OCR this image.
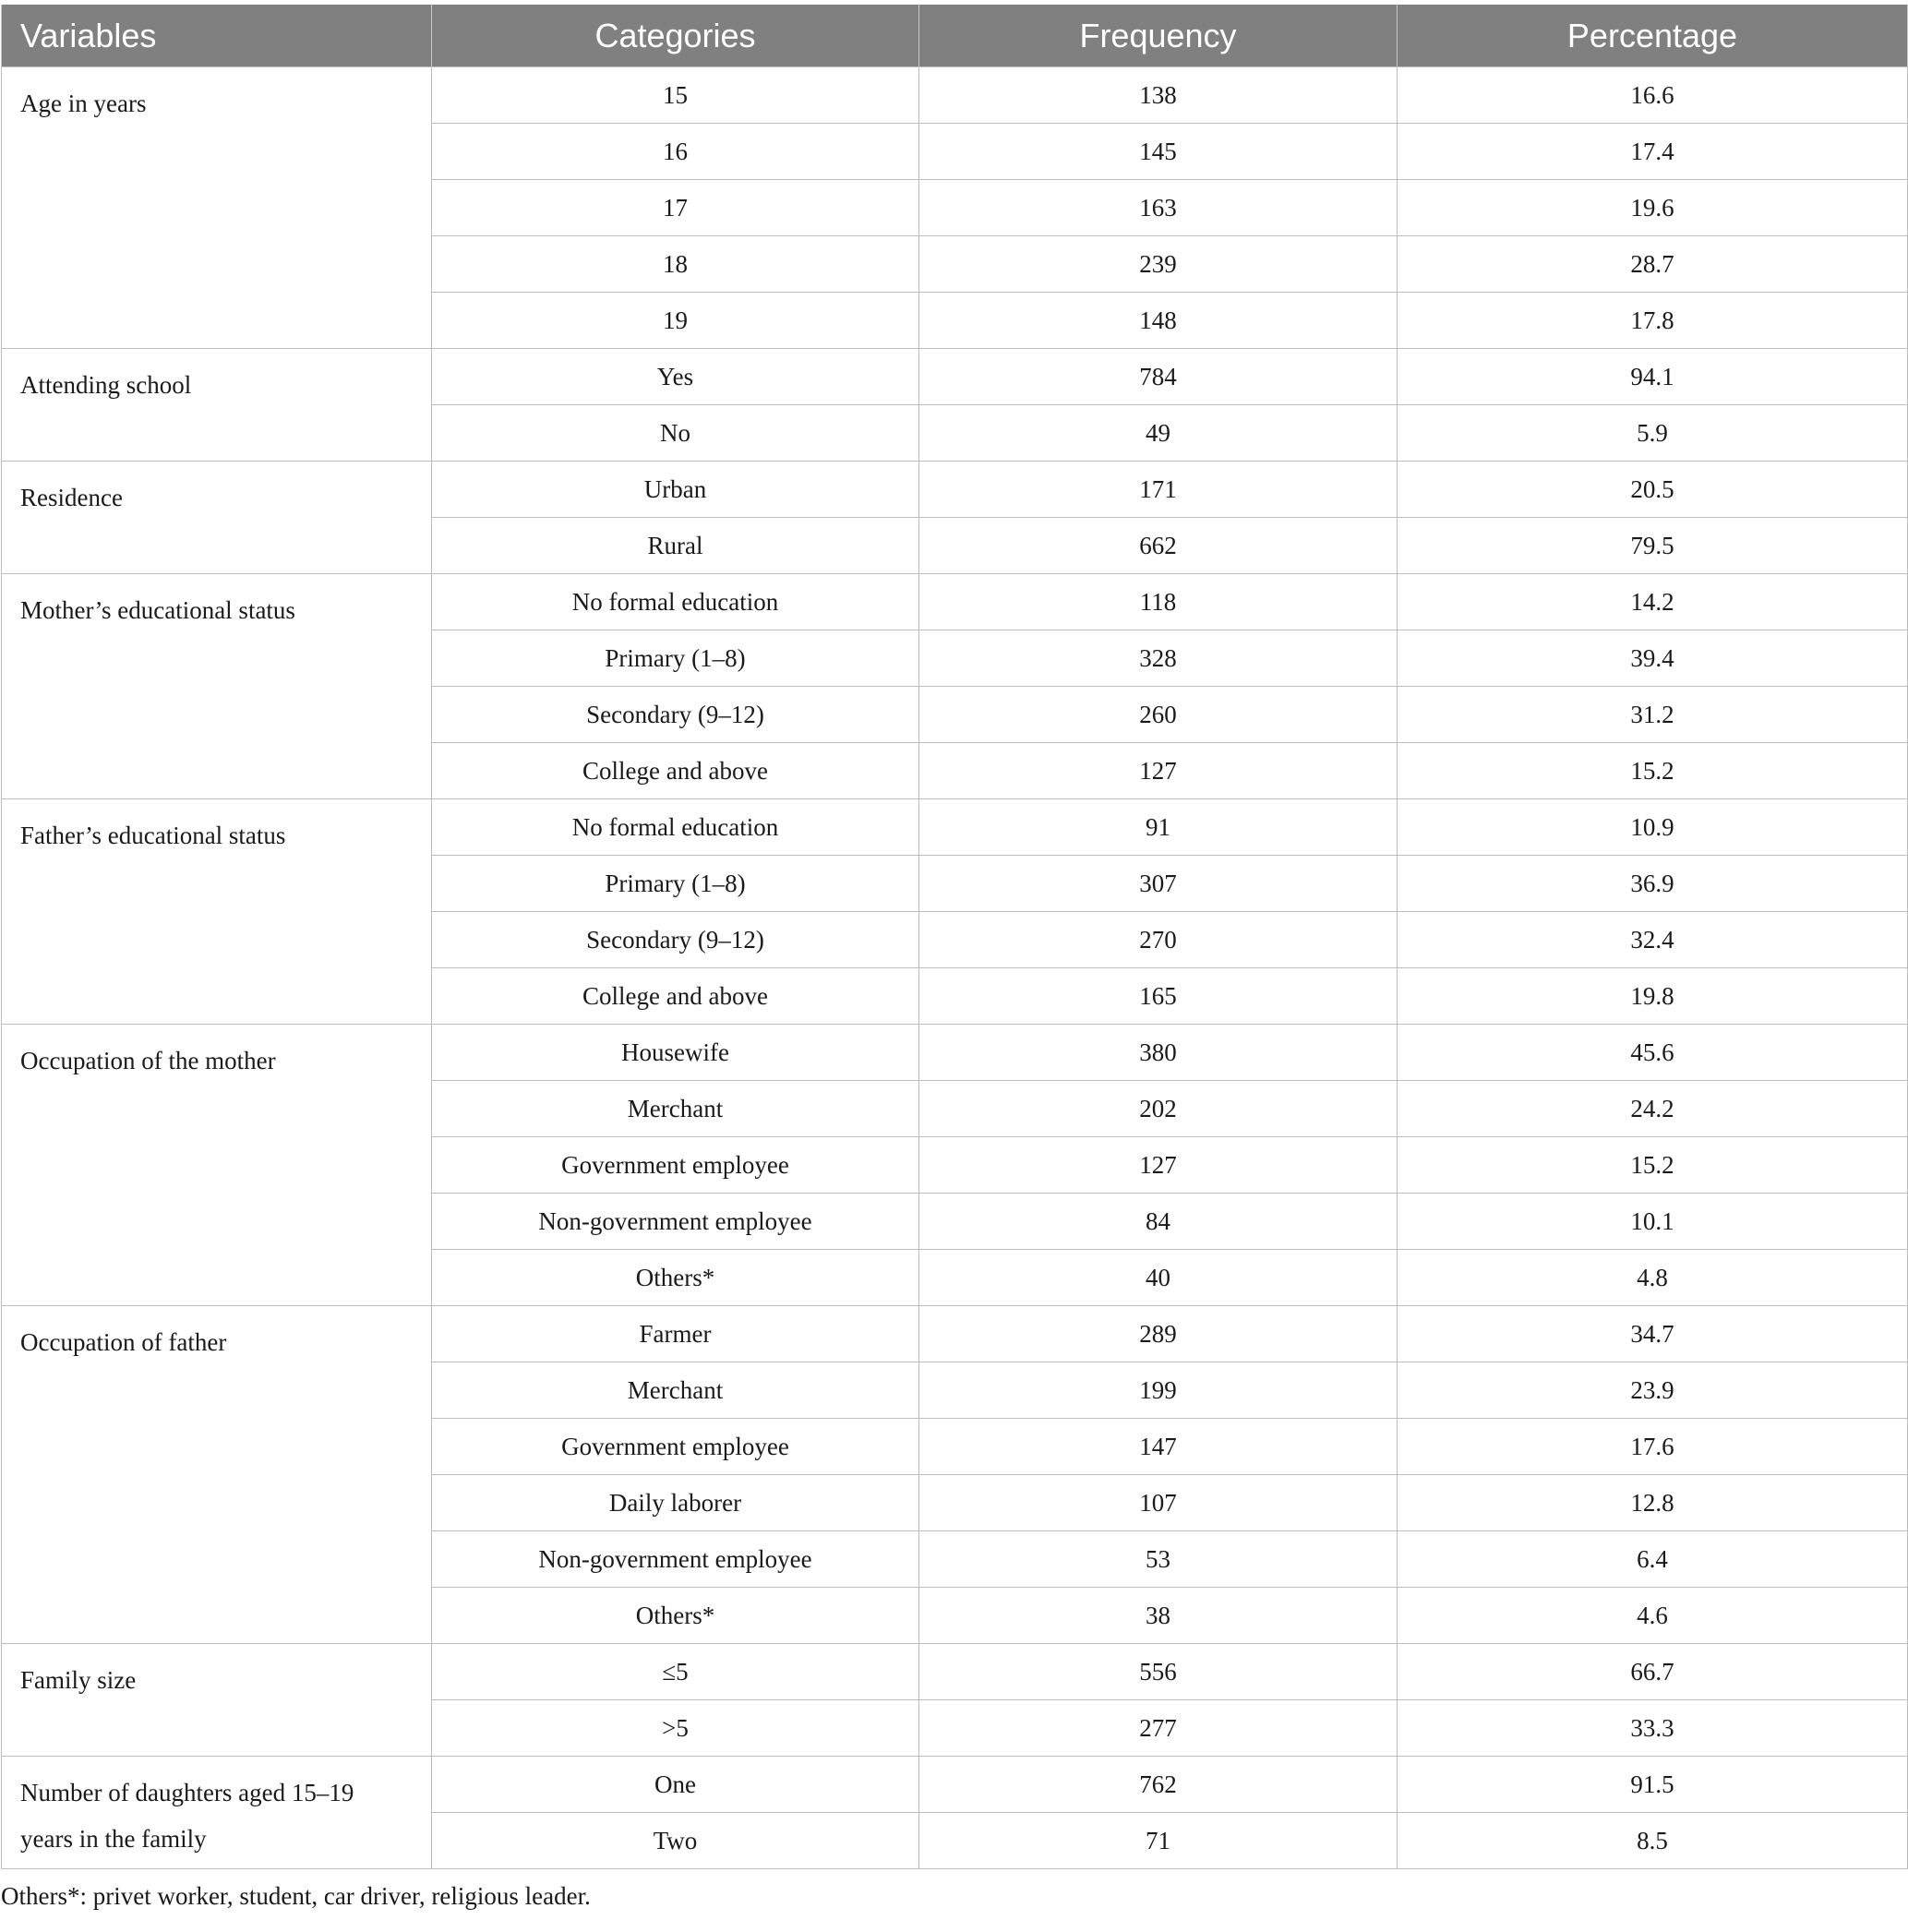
Variables	Categories	Frequency	Percentage
Age in years	15	138	16.6
	16	145	17.4
	17	163	19.6
	18	239	28.7
	19	148	17.8
Attending school	Yes	784	94.1
	No	49	5.9
Residence	Urban	171	20.5
	Rural	662	79.5
Mother’s educational status	No formal education	118	14.2
	Primary (1–8)	328	39.4
	Secondary (9–12)	260	31.2
	College and above	127	15.2
Father’s educational status	No formal education	91	10.9
	Primary (1–8)	307	36.9
	Secondary (9–12)	270	32.4
	College and above	165	19.8
Occupation of the mother	Housewife	380	45.6
	Merchant	202	24.2
	Government employee	127	15.2
	Non-government employee	84	10.1
	Others*	40	4.8
Occupation of father	Farmer	289	34.7
	Merchant	199	23.9
	Government employee	147	17.6
	Daily laborer	107	12.8
	Non-government employee	53	6.4
	Others*	38	4.6
Family size	≤5	556	66.7
	>5	277	33.3
Number of daughters aged 15–19 years in the family	One	762	91.5
	Two	71	8.5
Others*: privet worker, student, car driver, religious leader.
